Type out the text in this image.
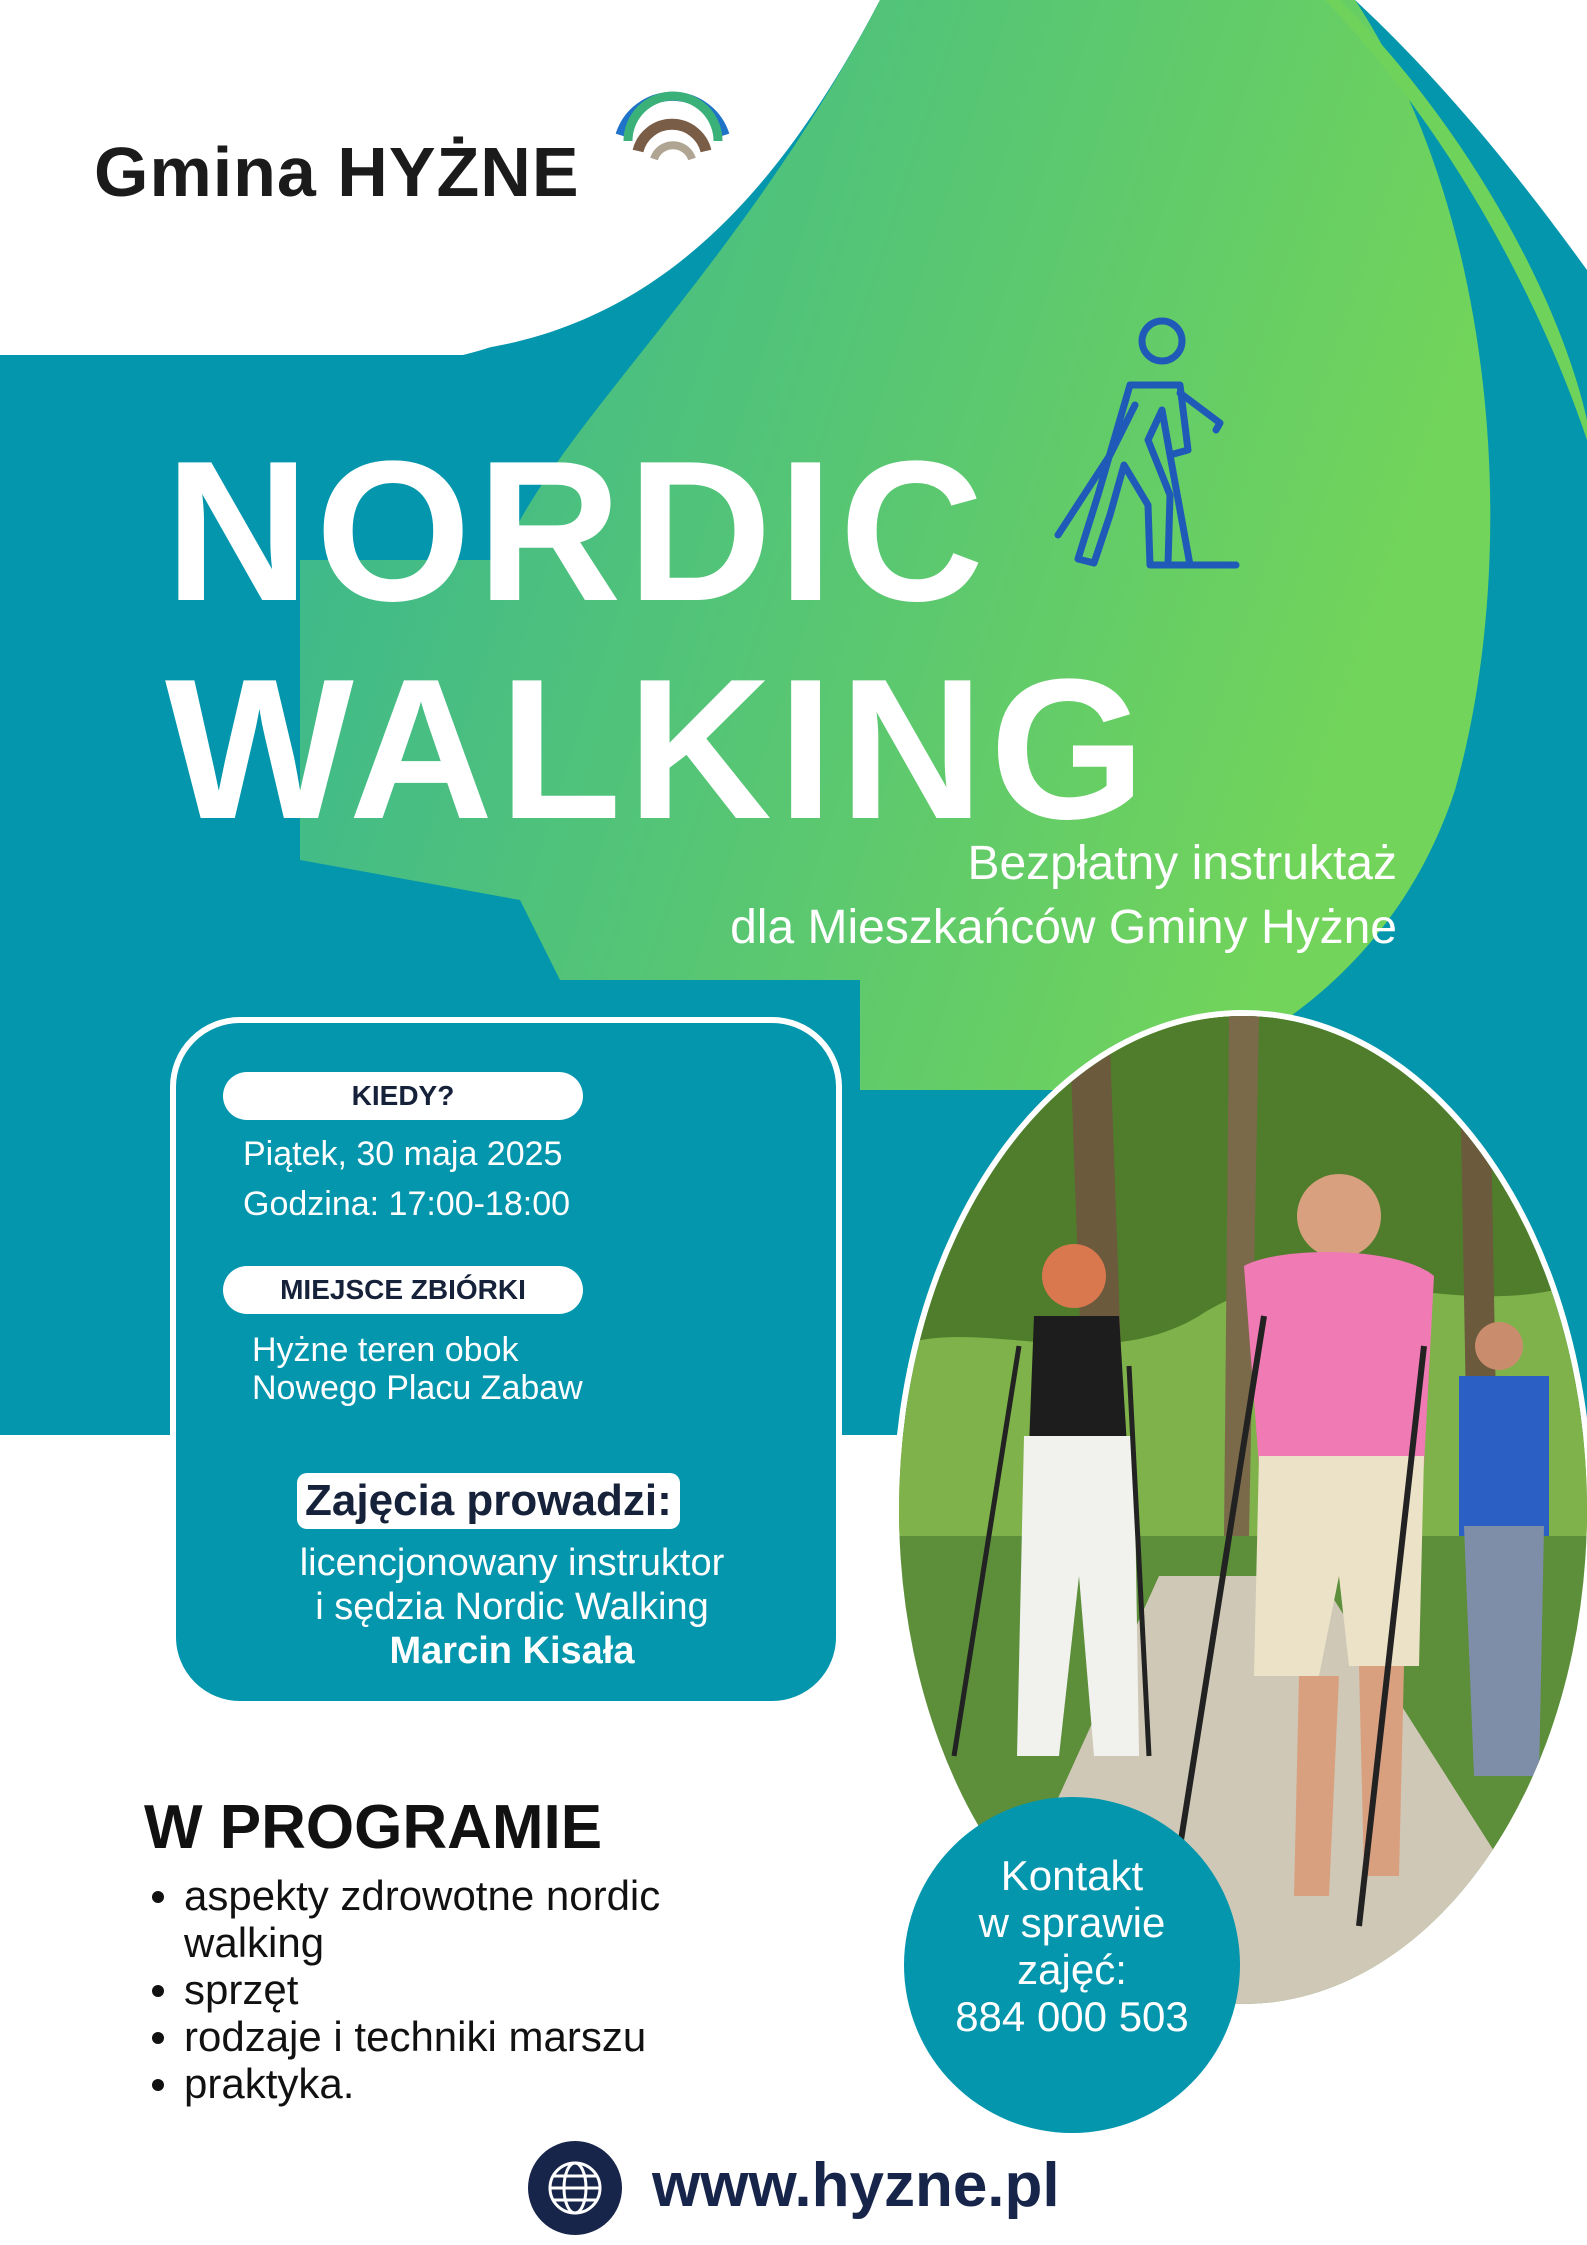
Gmina HYŻNE
NORDIC
WALKING
Bezpłatny instruktaż
dla Mieszkańców Gminy Hyżne
KIEDY?
Piątek, 30 maja 2025
Godzina: 17:00-18:00
MIEJSCE ZBIÓRKI
Hyżne teren obok
Nowego Placu Zabaw
Zajęcia prowadzi:
licencjonowany instruktor
i sędzia Nordic Walking
Marcin Kisała
Kontakt
w sprawie
zajęć:
884 000 503
W PROGRAMIE
aspekty zdrowotne nordic walking
sprzęt
rodzaje i techniki marszu
praktyka.
www.hyzne.pl
